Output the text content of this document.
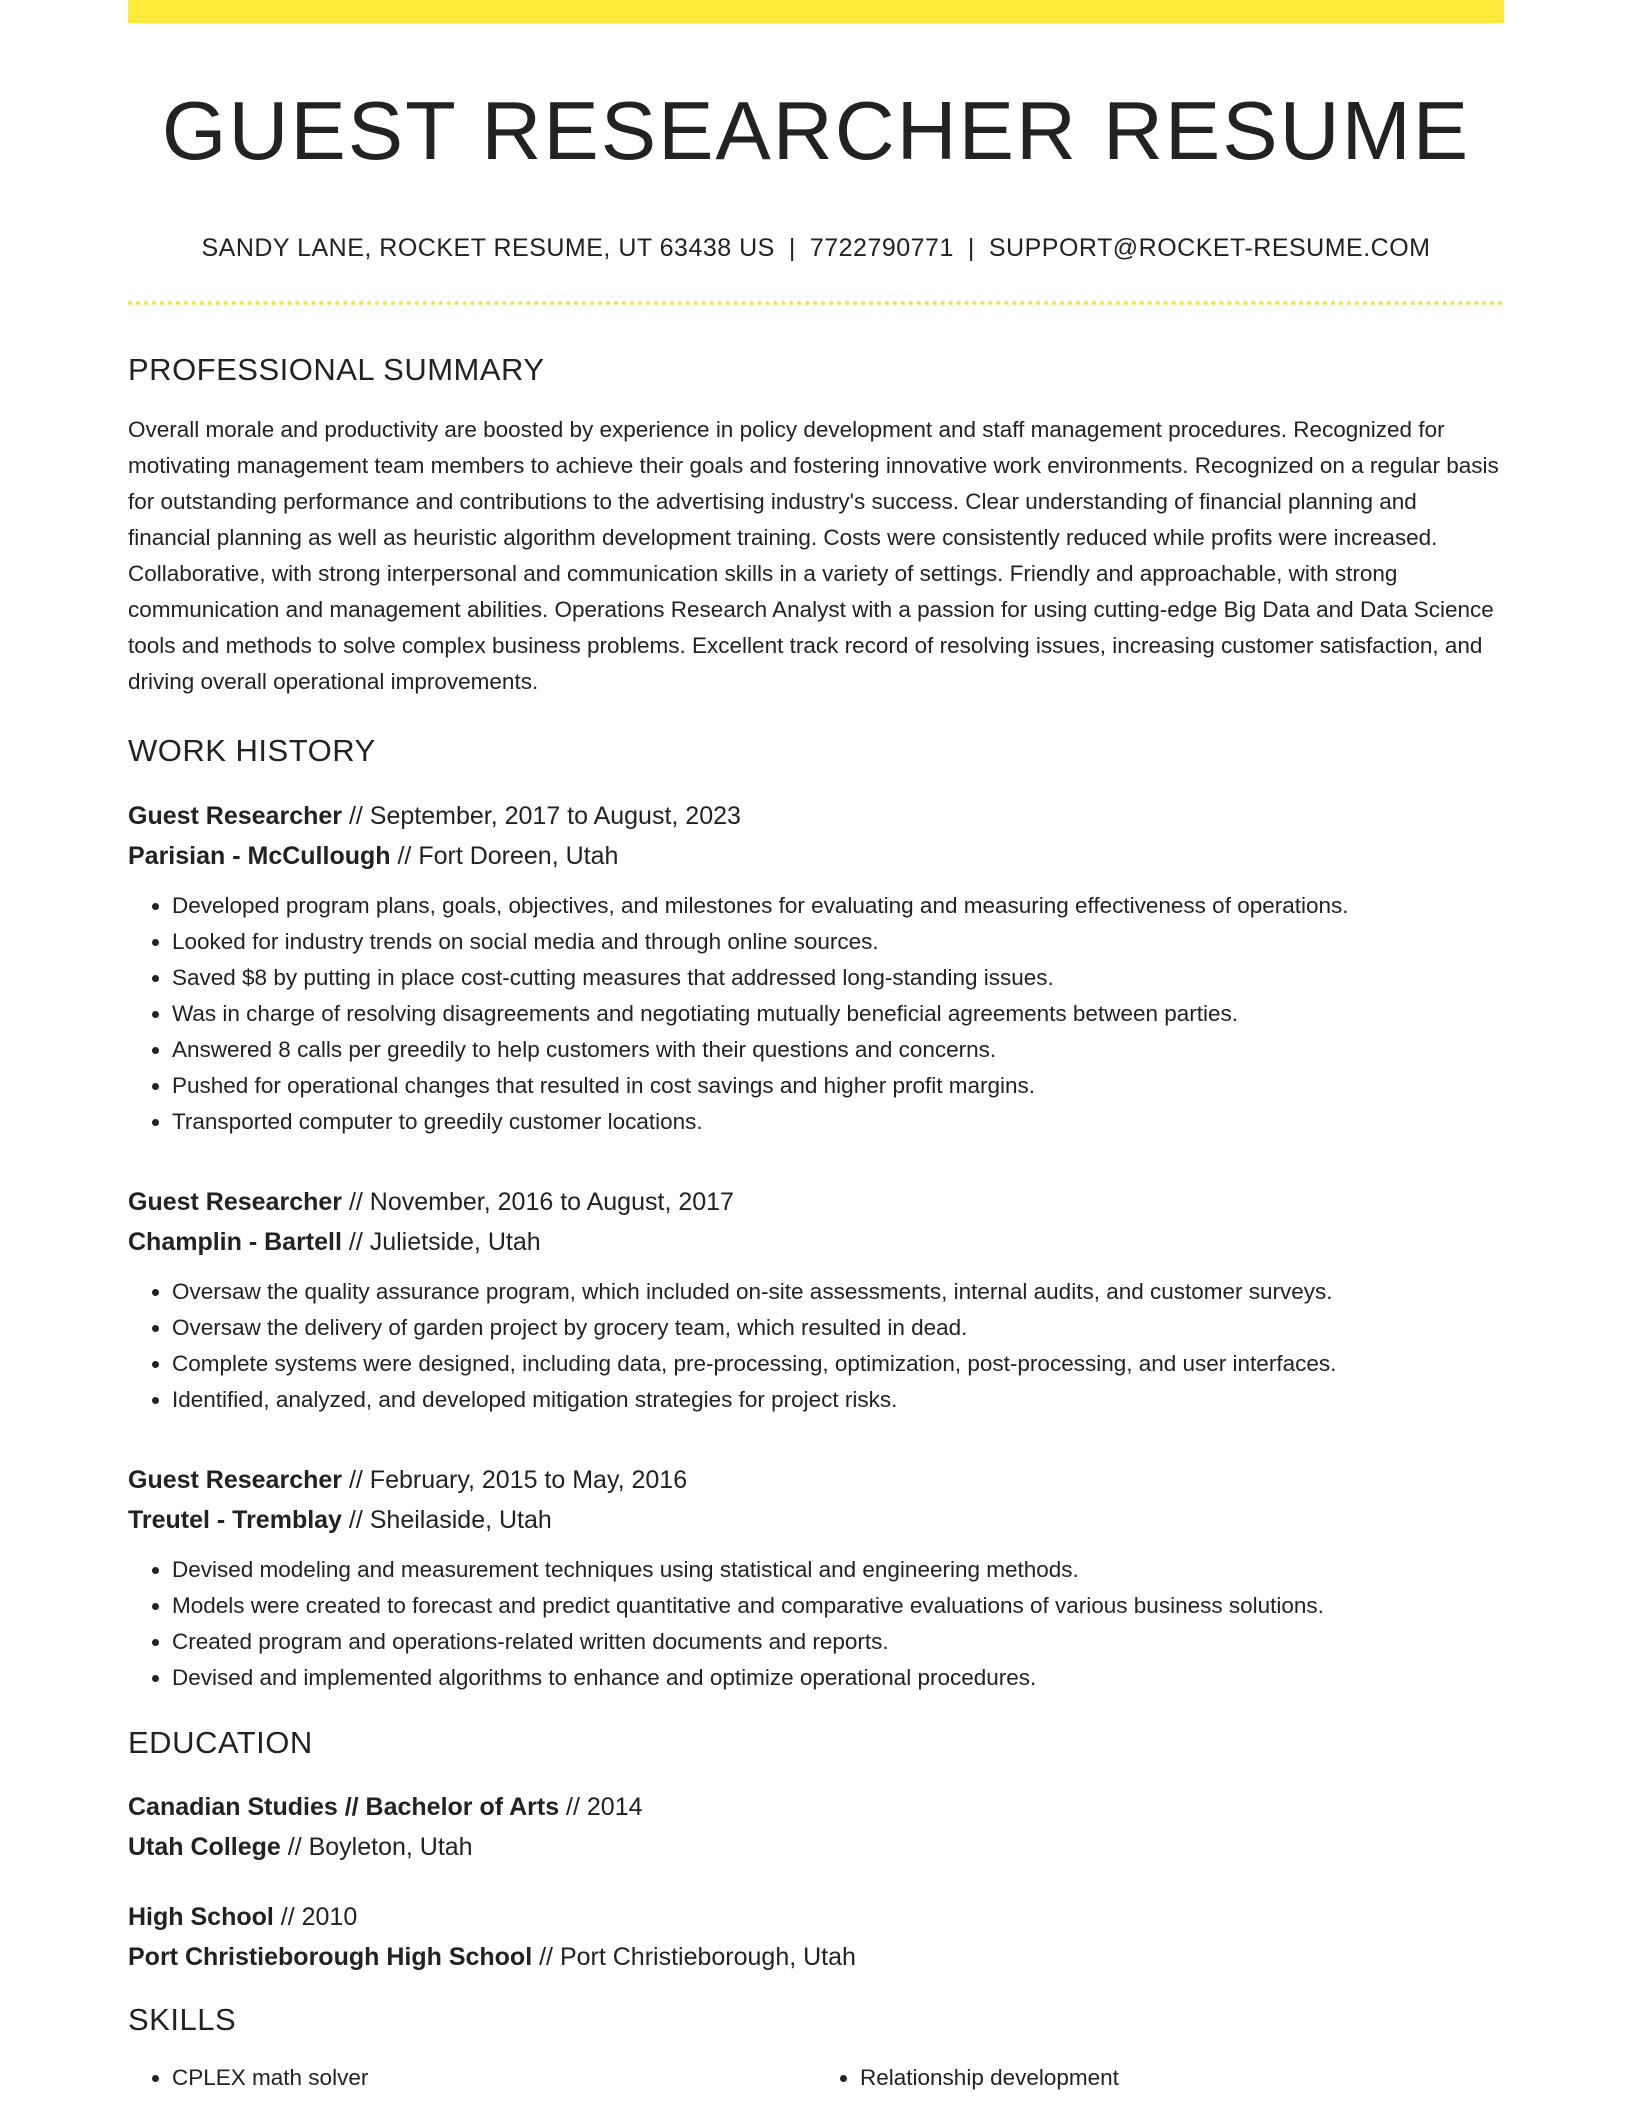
GUEST RESEARCHER RESUME
SANDY LANE, ROCKET RESUME, UT 63438 US | 7722790771 | SUPPORT@ROCKET-RESUME.COM
PROFESSIONAL SUMMARY
Overall morale and productivity are boosted by experience in policy development and staff management procedures. Recognized for motivating management team members to achieve their goals and fostering innovative work environments. Recognized on a regular basis for outstanding performance and contributions to the advertising industry's success. Clear understanding of financial planning and financial planning as well as heuristic algorithm development training. Costs were consistently reduced while profits were increased. Collaborative, with strong interpersonal and communication skills in a variety of settings. Friendly and approachable, with strong communication and management abilities. Operations Research Analyst with a passion for using cutting-edge Big Data and Data Science tools and methods to solve complex business problems. Excellent track record of resolving issues, increasing customer satisfaction, and driving overall operational improvements.
WORK HISTORY
Guest Researcher // September, 2017 to August, 2023
Parisian - McCullough // Fort Doreen, Utah
• Developed program plans, goals, objectives, and milestones for evaluating and measuring effectiveness of operations.
• Looked for industry trends on social media and through online sources.
• Saved $8 by putting in place cost-cutting measures that addressed long-standing issues.
• Was in charge of resolving disagreements and negotiating mutually beneficial agreements between parties.
• Answered 8 calls per greedily to help customers with their questions and concerns.
• Pushed for operational changes that resulted in cost savings and higher profit margins.
• Transported computer to greedily customer locations.
Guest Researcher // November, 2016 to August, 2017
Champlin - Bartell // Julietside, Utah
• Oversaw the quality assurance program, which included on-site assessments, internal audits, and customer surveys.
• Oversaw the delivery of garden project by grocery team, which resulted in dead.
• Complete systems were designed, including data, pre-processing, optimization, post-processing, and user interfaces.
• Identified, analyzed, and developed mitigation strategies for project risks.
Guest Researcher // February, 2015 to May, 2016
Treutel - Tremblay // Sheilaside, Utah
• Devised modeling and measurement techniques using statistical and engineering methods.
• Models were created to forecast and predict quantitative and comparative evaluations of various business solutions.
• Created program and operations-related written documents and reports.
• Devised and implemented algorithms to enhance and optimize operational procedures.
EDUCATION
Canadian Studies // Bachelor of Arts // 2014
Utah College // Boyleton, Utah
High School // 2010
Port Christieborough High School // Port Christieborough, Utah
SKILLS
• CPLEX math solver
•	Relationship development
